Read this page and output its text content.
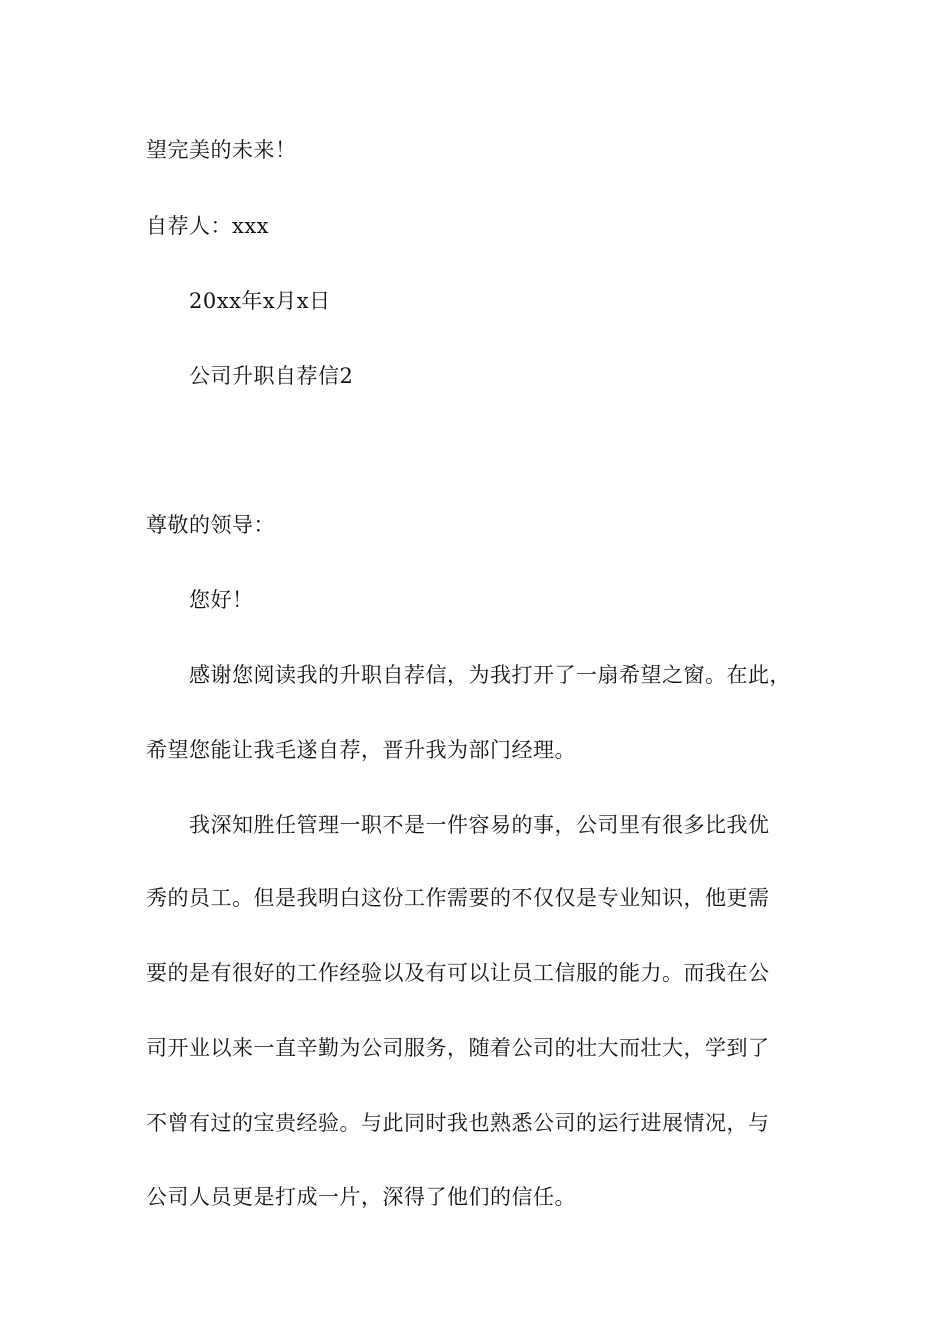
望完美的未来！
自荐人：xxx
20xx年x月x日
公司升职自荐信2
尊敬的领导：
您好！
感谢您阅读我的升职自荐信，为我打开了一扇希望之窗。在此，
希望您能让我毛遂自荐，晋升我为部门经理。
我深知胜任管理一职不是一件容易的事，公司里有很多比我优
秀的员工。但是我明白这份工作需要的不仅仅是专业知识，他更需
要的是有很好的工作经验以及有可以让员工信服的能力。而我在公
司开业以来一直辛勤为公司服务，随着公司的壮大而壮大，学到了
不曾有过的宝贵经验。与此同时我也熟悉公司的运行进展情况，与
公司人员更是打成一片，深得了他们的信任。
